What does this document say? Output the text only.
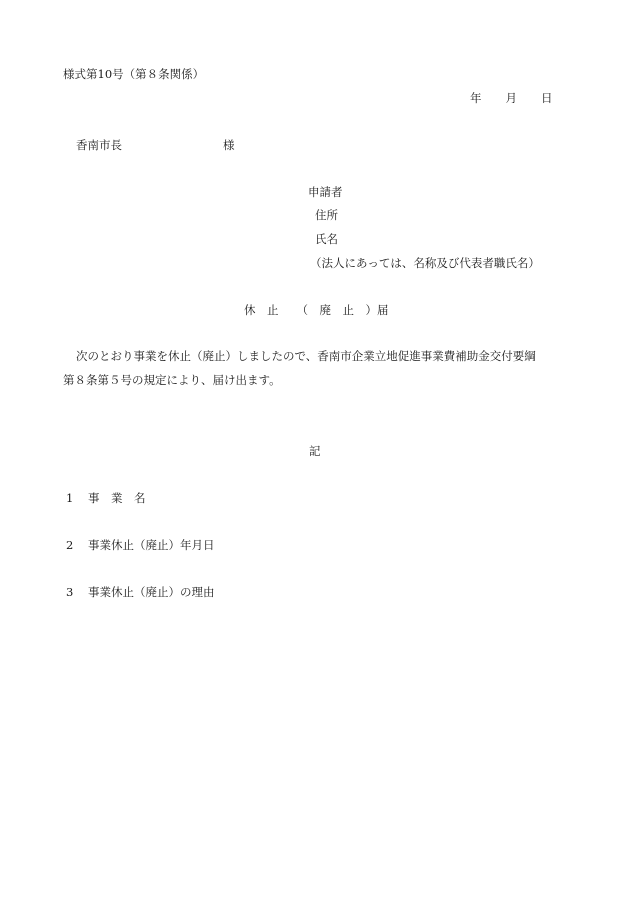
様式第10号（第８条関係）
年 月 日
香南市長	様
申請者
住所
氏名
（法人にあっては、名称及び代表者職氏名）
休　止 （　廃　止　）届
次のとおり事業を休止（廃止）しましたので、香南市企業立地促進事業費補助金交付要綱
第８条第５号の規定により、届け出ます。
記
1 事　業　名
2 事業休止（廃止）年月日
3 事業休止（廃止）の理由
